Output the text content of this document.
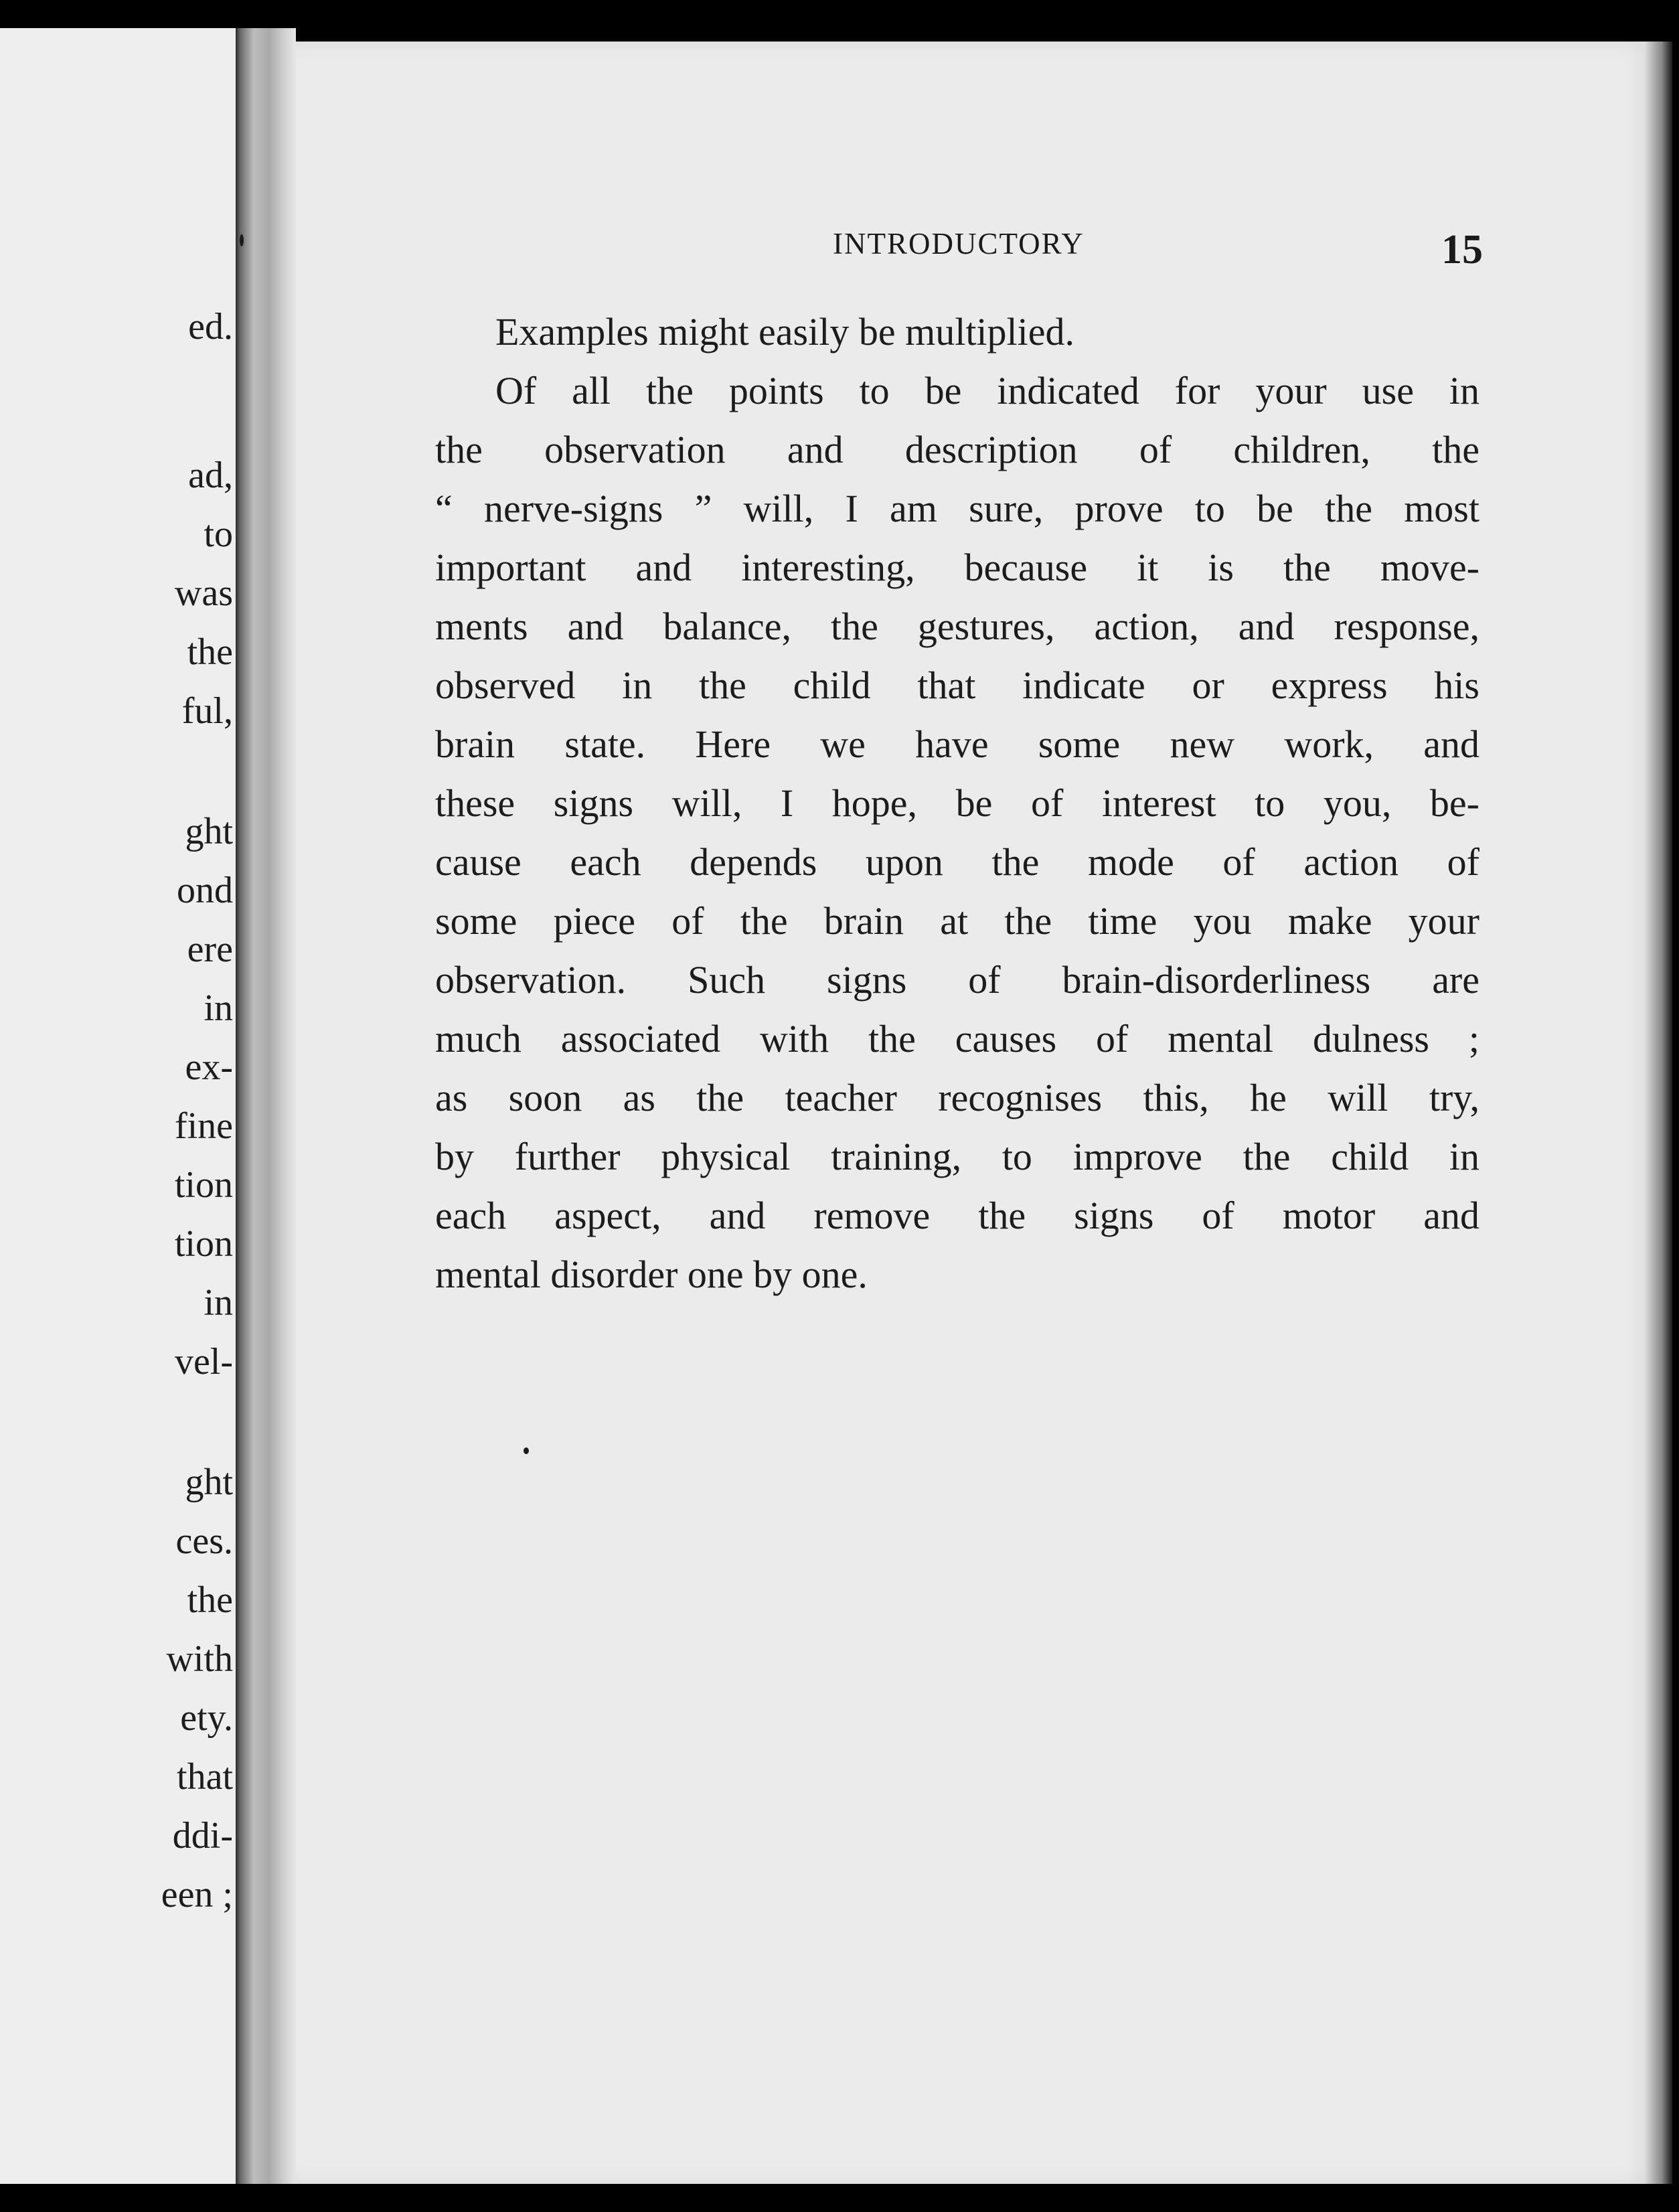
ed.
ad,
to
was
the
ful,
ght
ond
ere
in
ex-
fine
tion
tion
in
vel-
ght
ces.
the
with
ety.
that
ddi-
een ;
INTRODUCTORY	15
Examples might easily be multiplied.
Of all the points to be indicated for your use in
the observation and description of children, the
“ nerve-signs ” will, I am sure, prove to be the most
important and interesting, because it is the move-
ments and balance, the gestures, action, and response,
observed in the child that indicate or express his
brain state. Here we have some new work, and
these signs will, I hope, be of interest to you, be-
cause each depends upon the mode of action of
some piece of the brain at the time you make your
observation. Such signs of brain-disorderliness are
much associated with the causes of mental dulness ;
as soon as the teacher recognises this, he will try,
by further physical training, to improve the child in
each aspect, and remove the signs of motor and
mental disorder one by one.
